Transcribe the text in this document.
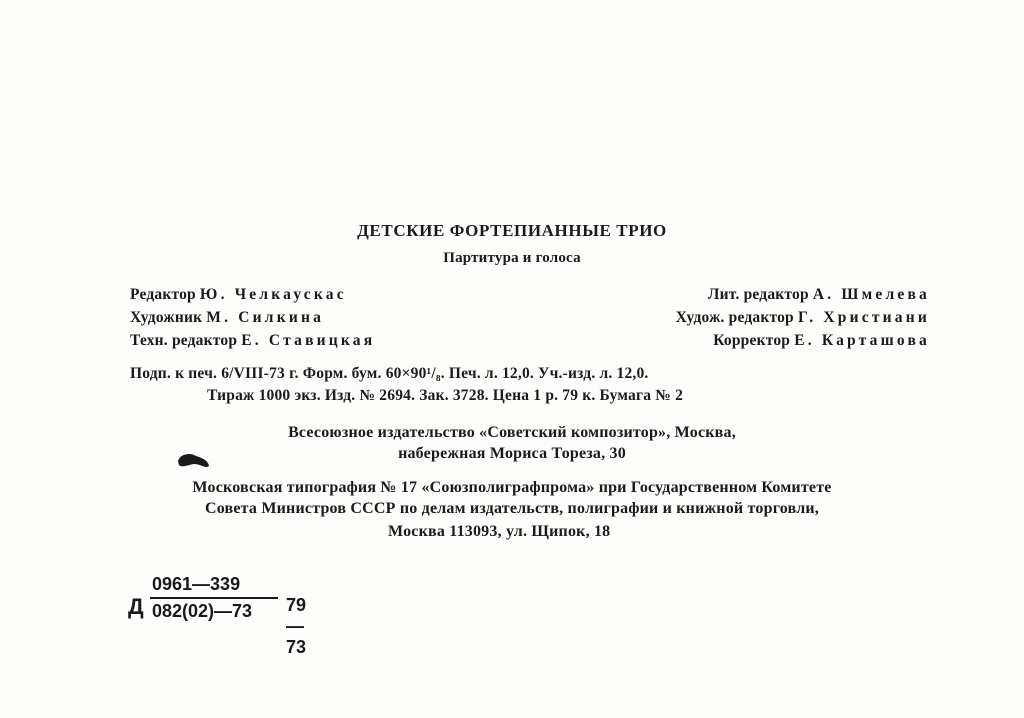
ДЕТСКИЕ ФОРТЕПИАННЫЕ ТРИО
Партитура и голоса
Редактор Ю. Челкаускас
Художник М. Силкина
Техн. редактор Е. Ставицкая
Лит. редактор А. Шмелева
Худож. редактор Г. Христиани
Корректор Е. Карташова
Подп. к печ. 6/VIII-73 г. Форм. бум. 60×90¹/₈. Печ. л. 12,0. Уч.-изд. л. 12,0.
Тираж 1000 экз. Изд. № 2694. Зак. 3728. Цена 1 р. 79 к. Бумага № 2
Всесоюзное издательство «Советский композитор», Москва,
набережная Мориса Тореза, 30
Московская типография № 17 «Союзполиграфпрома» при Государственном Комитете
Совета Министров СССР по делам издательств, полиграфии и книжной торговли,
Москва 113093, ул. Щипок, 18
Д
0961—339
082(02)—73	79—73
